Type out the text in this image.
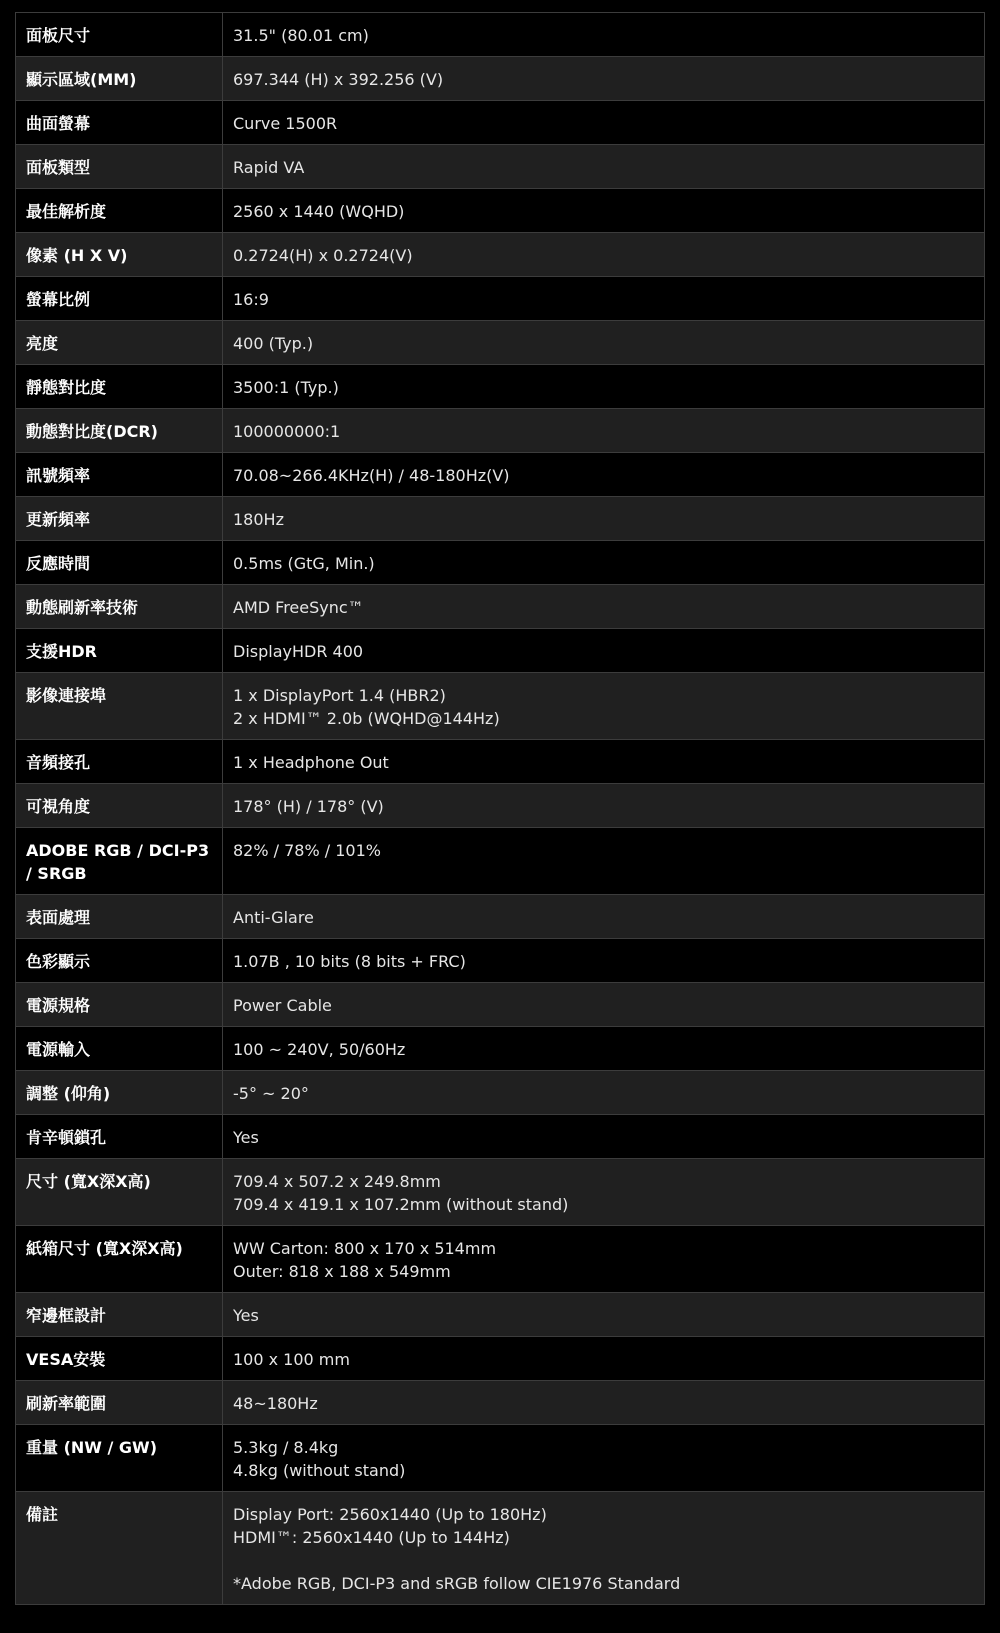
面板尺寸	31.5" (80.01 cm)

顯示區域(MM)	697.344 (H) x 392.256 (V)

曲面螢幕	Curve 1500R

面板類型	Rapid VA

最佳解析度	2560 x 1440 (WQHD)

像素 (H X V)	0.2724(H) x 0.2724(V)

螢幕比例	16:9

亮度	400 (Typ.)

靜態對比度	3500:1 (Typ.)

動態對比度(DCR)	100000000:1

訊號頻率	70.08~266.4KHz(H) / 48-180Hz(V)

更新頻率	180Hz

反應時間	0.5ms (GtG, Min.)

動態刷新率技術	AMD FreeSync™

支援HDR	DisplayHDR 400

影像連接埠	1 x DisplayPort 1.4 (HBR2)
2 x HDMI™ 2.0b (WQHD@144Hz)

音頻接孔	1 x Headphone Out

可視角度	178° (H) / 178° (V)

ADOBE RGB / DCI-P3 / SRGB	82% / 78% / 101%

表面處理	Anti-Glare

色彩顯示	1.07B , 10 bits (8 bits + FRC)

電源規格	Power Cable

電源輸入	100 ~ 240V, 50/60Hz

調整 (仰角)	-5° ~ 20°

肯辛頓鎖孔	Yes

尺寸 (寬X深X高)	709.4 x 507.2 x 249.8mm
709.4 x 419.1 x 107.2mm (without stand)

紙箱尺寸 (寬X深X高)	WW Carton: 800 x 170 x 514mm
Outer: 818 x 188 x 549mm

窄邊框設計	Yes

VESA安裝	100 x 100 mm

刷新率範圍	48~180Hz

重量 (NW / GW)	5.3kg / 8.4kg
4.8kg (without stand)

備註	Display Port: 2560x1440 (Up to 180Hz)
HDMI™: 2560x1440 (Up to 144Hz)
*Adobe RGB, DCI-P3 and sRGB follow CIE1976 Standard
